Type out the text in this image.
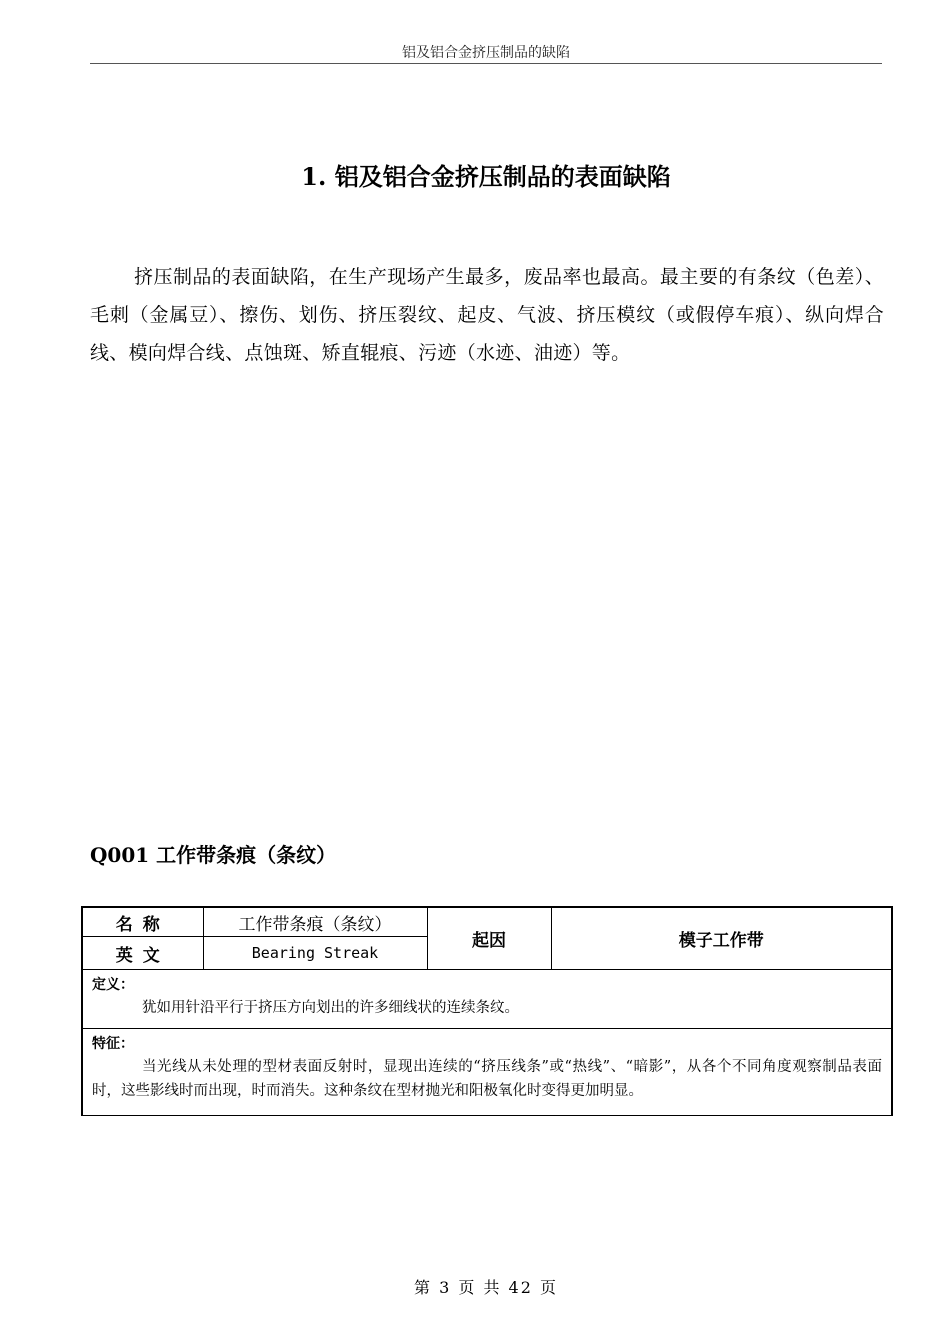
铝及铝合金挤压制品的缺陷
1. 铝及铝合金挤压制品的表面缺陷

挤压制品的表面缺陷，在生产现场产生最多，废品率也最高。最主要的有条纹（色差）、毛刺（金属豆）、擦伤、划伤、挤压裂纹、起皮、气波、挤压模纹（或假停车痕）、纵向焊合线、模向焊合线、点蚀斑、矫直辊痕、污迹（水迹、油迹）等。

Q001 工作带条痕（条纹）
名称	工作带条痕（条纹）	起因	模子工作带
英文	Bearing Streak		

定义：

犹如用针沿平行于挤压方向划出的许多细线状的连续条纹。			

特征：

当光线从未处理的型材表面反射时，显现出连续的“挤压线条”或“热线”、“暗影”，从各个不同角度观察制品表面时，这些影线时而出现，时而消失。这种条纹在型材抛光和阳极氧化时变得更加明显。			

第 3 页 共 42 页
